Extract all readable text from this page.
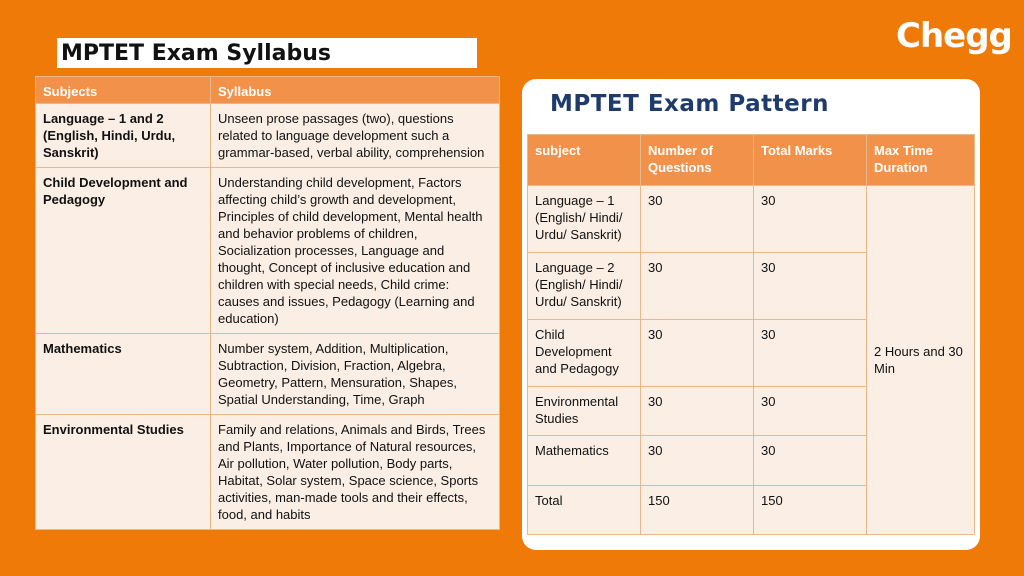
MPTET Exam Syllabus	Chegg
Subjects	Syllabus
Language – 1 and 2 (English, Hindi, Urdu, Sanskrit)	Unseen prose passages (two), questions related to language development such a grammar-based, verbal ability, comprehension
Child Development and Pedagogy	Understanding child development, Factors affecting child’s growth and development, Principles of child development, Mental health and behavior problems of children, Socialization processes, Language and thought, Concept of inclusive education and children with special needs, Child crime: causes and issues, Pedagogy (Learning and education)
Mathematics	Number system, Addition, Multiplication, Subtraction, Division, Fraction, Algebra, Geometry, Pattern, Mensuration, Shapes, Spatial Understanding, Time, Graph
Environmental Studies	Family and relations, Animals and Birds, Trees and Plants, Importance of Natural resources, Air pollution, Water pollution, Body parts, Habitat, Solar system, Space science, Sports activities, man-made tools and their effects, food, and habits
MPTET Exam Pattern
subject	Number of Questions	Total Marks	Max Time Duration
Language – 1 (English/ Hindi/ Urdu/ Sanskrit)	30	30	2 Hours and 30 Min
Language – 2 (English/ Hindi/ Urdu/ Sanskrit)	30	30	
Child Development and Pedagogy	30	30	
Environmental Studies	30	30	
Mathematics	30	30	
Total	150	150	
